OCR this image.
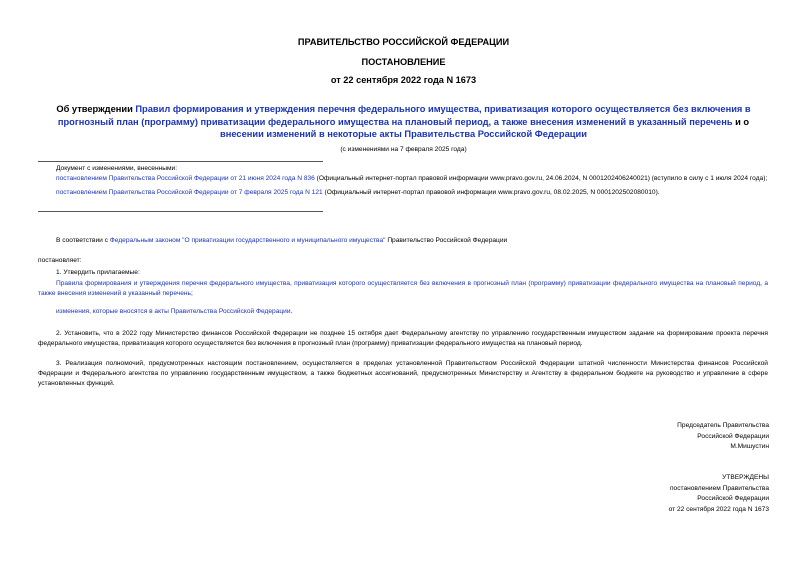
ПРАВИТЕЛЬСТВО РОССИЙСКОЙ ФЕДЕРАЦИИ
ПОСТАНОВЛЕНИЕ
от 22 сентября 2022 года N 1673
Об утверждении Правил формирования и утверждения перечня федерального имущества, приватизация которого осуществляется без включения в прогнозный план (программу) приватизации федерального имущества на плановый период, а также внесения изменений в указанный перечень и о внесении изменений в некоторые акты Правительства Российской Федерации
(с изменениями на 7 февраля 2025 года)
Документ с изменениями, внесенными:
постановлением Правительства Российской Федерации от 21 июня 2024 года N 836 (Официальный интернет-портал правовой информации www.pravo.gov.ru, 24.06.2024, N 0001202406240021) (вступило в силу с 1 июля 2024 года);
постановлением Правительства Российской Федерации от 7 февраля 2025 года N 121 (Официальный интернет-портал правовой информации www.pravo.gov.ru, 08.02.2025, N 0001202502080010).
В соответствии с Федеральным законом "О приватизации государственного и муниципального имущества" Правительство Российской Федерации
постановляет:
1. Утвердить прилагаемые:
Правила формирования и утверждения перечня федерального имущества, приватизация которого осуществляется без включения в прогнозный план (программу) приватизации федерального имущества на плановый период, а также внесения изменений в указанный перечень;
изменения, которые вносятся в акты Правительства Российской Федерации.
2. Установить, что в 2022 году Министерство финансов Российской Федерации не позднее 15 октября дает Федеральному агентству по управлению государственным имуществом задание на формирование проекта перечня федерального имущества, приватизация которого осуществляется без включения в прогнозный план (программу) приватизации федерального имущества на плановый период.
3. Реализация полномочий, предусмотренных настоящим постановлением, осуществляется в пределах установленной Правительством Российской Федерации штатной численности Министерства финансов Российской Федерации и Федерального агентства по управлению государственным имуществом, а также бюджетных ассигнований, предусмотренных Министерству и Агентству в федеральном бюджете на руководство и управление в сфере установленных функций.
Председатель Правительства
Российской Федерации
М.Мишустин
УТВЕРЖДЕНЫ
постановлением Правительства
Российской Федерации
от 22 сентября 2022 года N 1673
